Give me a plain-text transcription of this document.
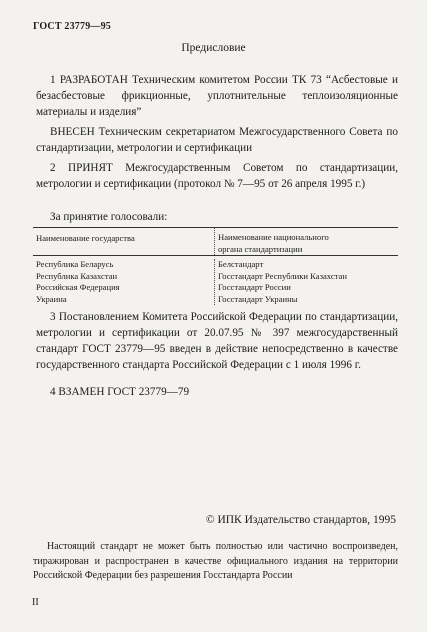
ГОСТ 23779—95
Предисловие
1 РАЗРАБОТАН Техническим комитетом России ТК 73 “Асбестовые и безасбестовые фрикционные, уплотнительные теплоизоляционные материалы и изделия”
ВНЕСЕН Техническим секретариатом Межгосударственного Совета по стандартизации, метрологии и сертификации
2 ПРИНЯТ Межгосударственным Советом по стандартизации, метрологии и сертификации (протокол № 7—95 от 26 апреля 1995 г.)
За принятие голосовали:
Наименование государства	Наименование национального
органа стандартизации
Республика Беларусь
Республика Казахстан
Российская Федерация
Украина
Белстандарт
Госстандарт Республики Казахстан
Госстандарт России
Госстандарт Украины
3 Постановлением Комитета Российской Федерации по стандартизации, метрологии и сертификации от 20.07.95 № 397 межгосударственный стандарт ГОСТ 23779—95 введен в действие непосредственно в качестве государственного стандарта Российской Федерации с 1 июля 1996 г.
4 ВЗАМЕН ГОСТ 23779—79
© ИПК Издательство стандартов, 1995
Настоящий стандарт не может быть полностью или частично воспроизведен, тиражирован и распространен в качестве официального издания на территории Российской Федерации без разрешения Госстандарта России
II
